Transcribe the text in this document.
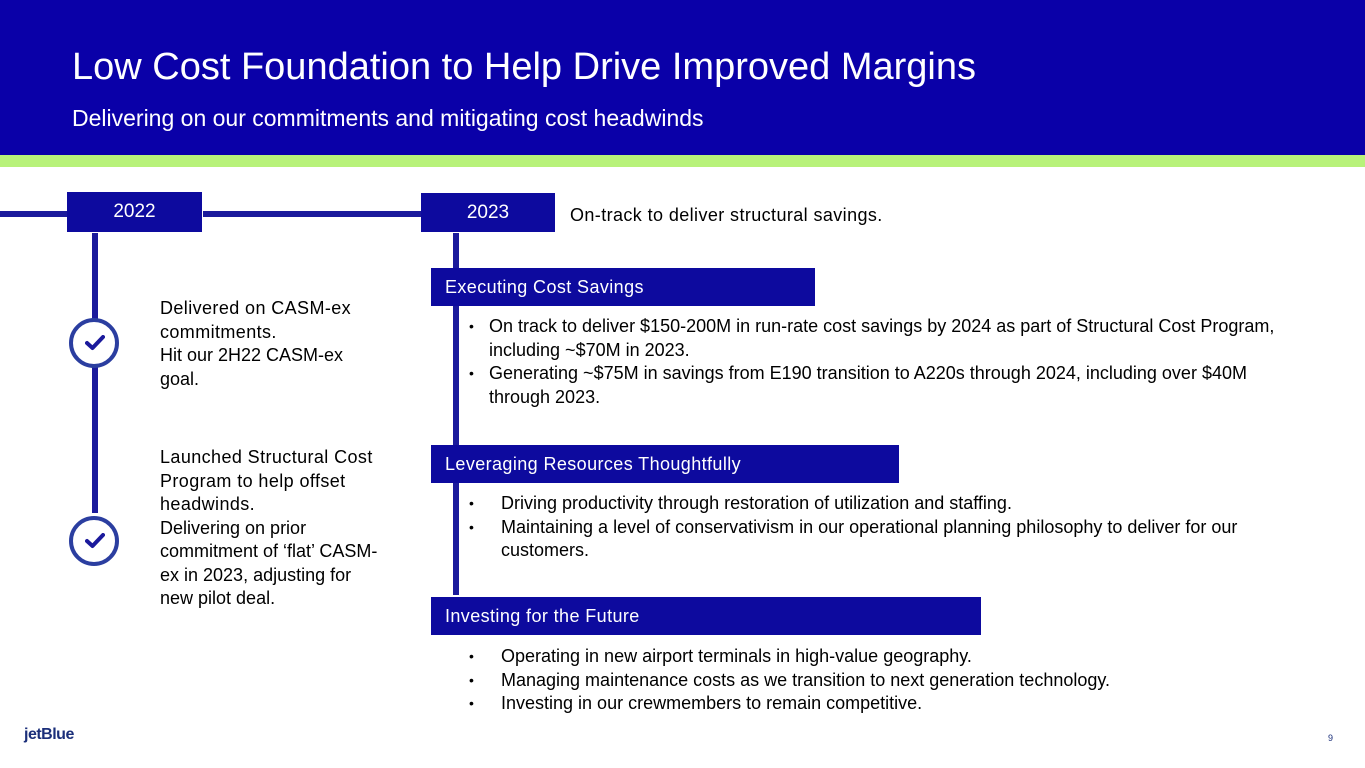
Low Cost Foundation to Help Drive Improved Margins
Delivering on our commitments and mitigating cost headwinds
2022	2023	On-track to deliver structural savings.
Delivered on CASM-ex commitments.
Hit our 2H22 CASM-ex goal.
Launched Structural Cost Program to help offset headwinds.
Delivering on prior commitment of ‘flat’ CASM-ex in 2023, adjusting for new pilot deal.
Executing Cost Savings
• On track to deliver $150-200M in run-rate cost savings by 2024 as part of Structural Cost Program, including ~$70M in 2023.
• Generating ~$75M in savings from E190 transition to A220s through 2024, including over $40M through 2023.
Leveraging Resources Thoughtfully
• Driving productivity through restoration of utilization and staffing.
• Maintaining a level of conservativism in our operational planning philosophy to deliver for our customers.
Investing for the Future
• Operating in new airport terminals in high-value geography.
• Managing maintenance costs as we transition to next generation technology.
• Investing in our crewmembers to remain competitive.
jetBlue	9
